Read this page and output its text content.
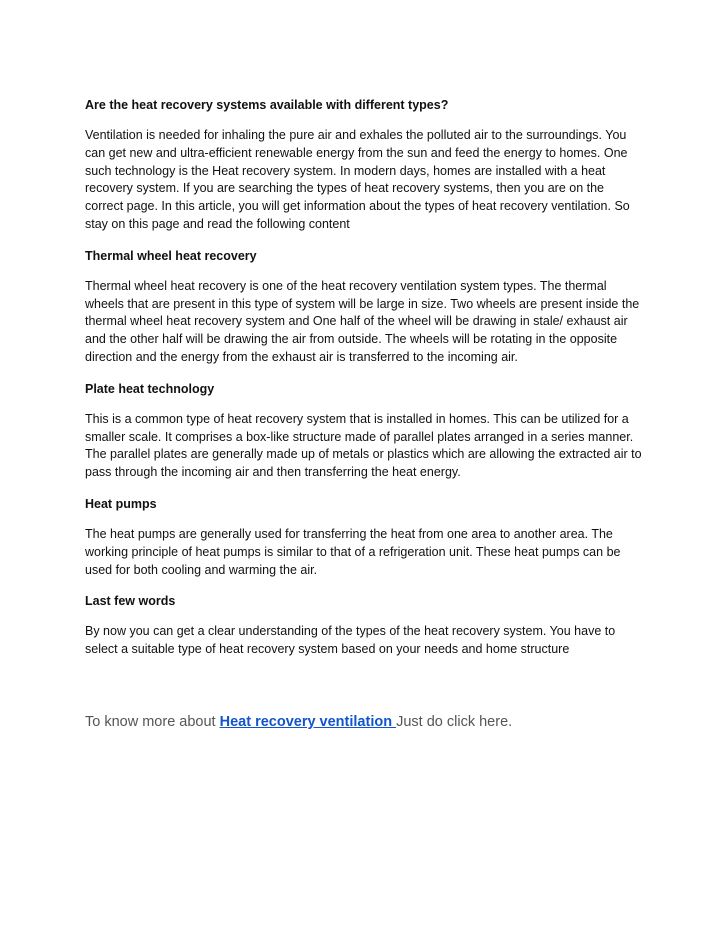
Are the heat recovery systems available with different types?

Ventilation is needed for inhaling the pure air and exhales the polluted air to the surroundings. You can get new and ultra-efficient renewable energy from the sun and feed the energy to homes. One such technology is the Heat recovery system. In modern days, homes are installed with a heat recovery system. If you are searching the types of heat recovery systems, then you are on the correct page. In this article, you will get information about the types of heat recovery ventilation. So stay on this page and read the following content

Thermal wheel heat recovery

Thermal wheel heat recovery is one of the heat recovery ventilation system types. The thermal wheels that are present in this type of system will be large in size. Two wheels are present inside the thermal wheel heat recovery system and One half of the wheel will be drawing in stale/ exhaust air and the other half will be drawing the air from outside. The wheels will be rotating in the opposite direction and the energy from the exhaust air is transferred to the incoming air.

Plate heat technology

This is a common type of heat recovery system that is installed in homes. This can be utilized for a smaller scale. It comprises a box-like structure made of parallel plates arranged in a series manner. The parallel plates are generally made up of metals or plastics which are allowing the extracted air to pass through the incoming air and then transferring the heat energy.

Heat pumps

The heat pumps are generally used for transferring the heat from one area to another area. The working principle of heat pumps is similar to that of a refrigeration unit. These heat pumps can be used for both cooling and warming the air.

Last few words

By now you can get a clear understanding of the types of the heat recovery system. You have to select a suitable type of heat recovery system based on your needs and home structure

To know more about Heat recovery ventilation Just do click here.
